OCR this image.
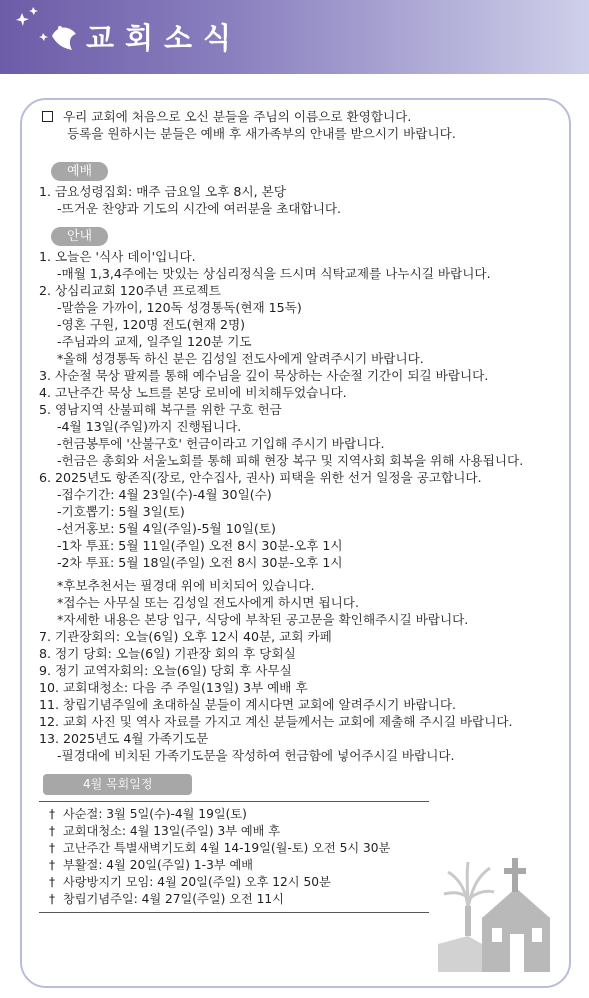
교회소식
우리 교회에 처음으로 오신 분들을 주님의 이름으로 환영합니다.
등록을 원하시는 분들은 예배 후 새가족부의 안내를 받으시기 바랍니다.
예배
1. 금요성령집회: 매주 금요일 오후 8시, 본당
-뜨거운 찬양과 기도의 시간에 여러분을 초대합니다.
안내
1. 오늘은 '식사 데이'입니다.
-매월 1,3,4주에는 맛있는 상심리정식을 드시며 식탁교제를 나누시길 바랍니다.
2. 상심리교회 120주년 프로젝트
-말씀을 가까이, 120독 성경통독(현재 15독)
-영혼 구원, 120명 전도(현재 2명)
-주님과의 교제, 일주일 120분 기도
*올해 성경통독 하신 분은 김성일 전도사에게 알려주시기 바랍니다.
3. 사순절 묵상 팔찌를 통해 예수님을 깊이 묵상하는 사순절 기간이 되길 바랍니다.
4. 고난주간 묵상 노트를 본당 로비에 비치해두었습니다.
5. 영남지역 산불피해 복구를 위한 구호 헌금
-4월 13일(주일)까지 진행됩니다.
-헌금봉투에 '산불구호' 헌금이라고 기입해 주시기 바랍니다.
-헌금은 총회와 서울노회를 통해 피해 현장 복구 및 지역사회 회복을 위해 사용됩니다.
6. 2025년도 항존직(장로, 안수집사, 권사) 피택을 위한 선거 일정을 공고합니다.
-접수기간: 4월 23일(수)-4월 30일(수)
-기호뽑기: 5월 3일(토)
-선거홍보: 5월 4일(주일)-5월 10일(토)
-1차 투표: 5월 11일(주일) 오전 8시 30분-오후 1시
-2차 투표: 5월 18일(주일) 오전 8시 30분-오후 1시
*후보추천서는 필경대 위에 비치되어 있습니다.
*접수는 사무실 또는 김성일 전도사에게 하시면 됩니다.
*자세한 내용은 본당 입구, 식당에 부착된 공고문을 확인해주시길 바랍니다.
7. 기관장회의: 오늘(6일) 오후 12시 40분, 교회 카페
8. 정기 당회: 오늘(6일) 기관장 회의 후 당회실
9. 정기 교역자회의: 오늘(6일) 당회 후 사무실
10. 교회대청소: 다음 주 주일(13일) 3부 예배 후
11. 창립기념주일에 초대하실 분들이 계시다면 교회에 알려주시기 바랍니다.
12. 교회 사진 및 역사 자료를 가지고 계신 분들께서는 교회에 제출해 주시길 바랍니다.
13. 2025년도 4월 가족기도문
-필경대에 비치된 가족기도문을 작성하여 헌금함에 넣어주시길 바랍니다.
4월 목회일정
† 사순절: 3월 5일(수)-4월 19일(토)
† 교회대청소: 4월 13일(주일) 3부 예배 후
† 고난주간 특별새벽기도회 4월 14-19일(월-토) 오전 5시 30분
† 부활절: 4월 20일(주일) 1-3부 예배
† 사랑방지기 모임: 4월 20일(주일) 오후 12시 50분
† 창립기념주일: 4월 27일(주일) 오전 11시
